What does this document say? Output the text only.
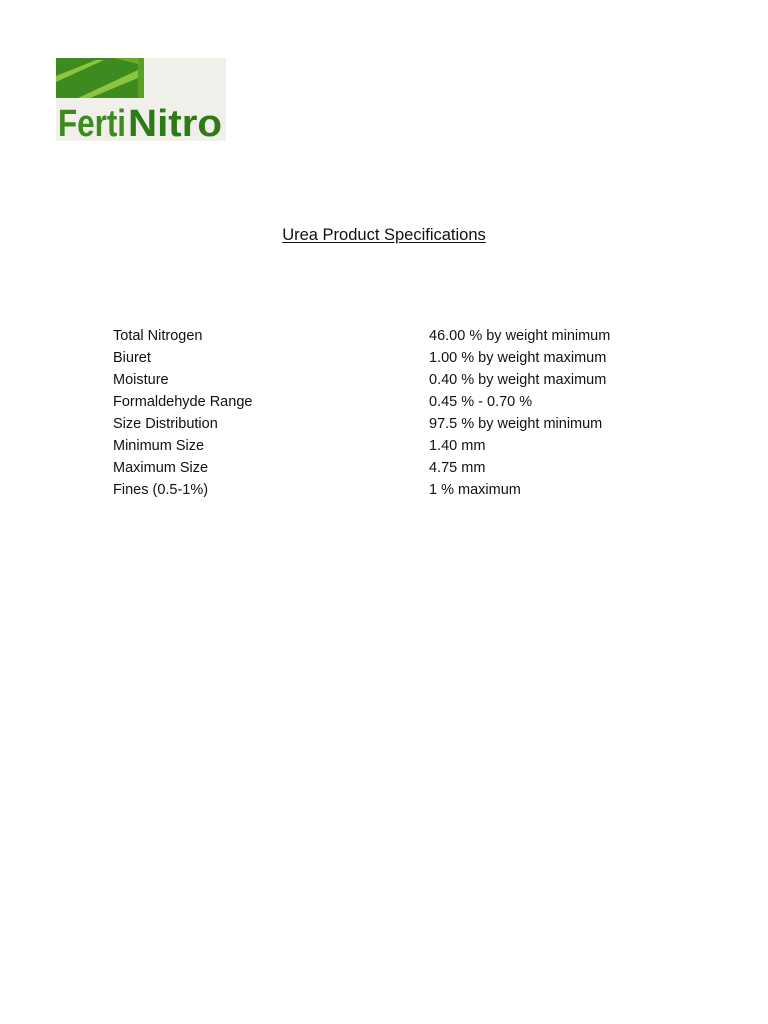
Ferti Nitro
Urea Product Specifications
Total Nitrogen	46.00 % by weight minimum
Biuret	1.00 % by weight maximum
Moisture	0.40 % by weight maximum
Formaldehyde Range	0.45 % - 0.70 %
Size Distribution	97.5 % by weight minimum
Minimum Size	1.40 mm
Maximum Size	4.75 mm
Fines (0.5-1%)	1 % maximum
